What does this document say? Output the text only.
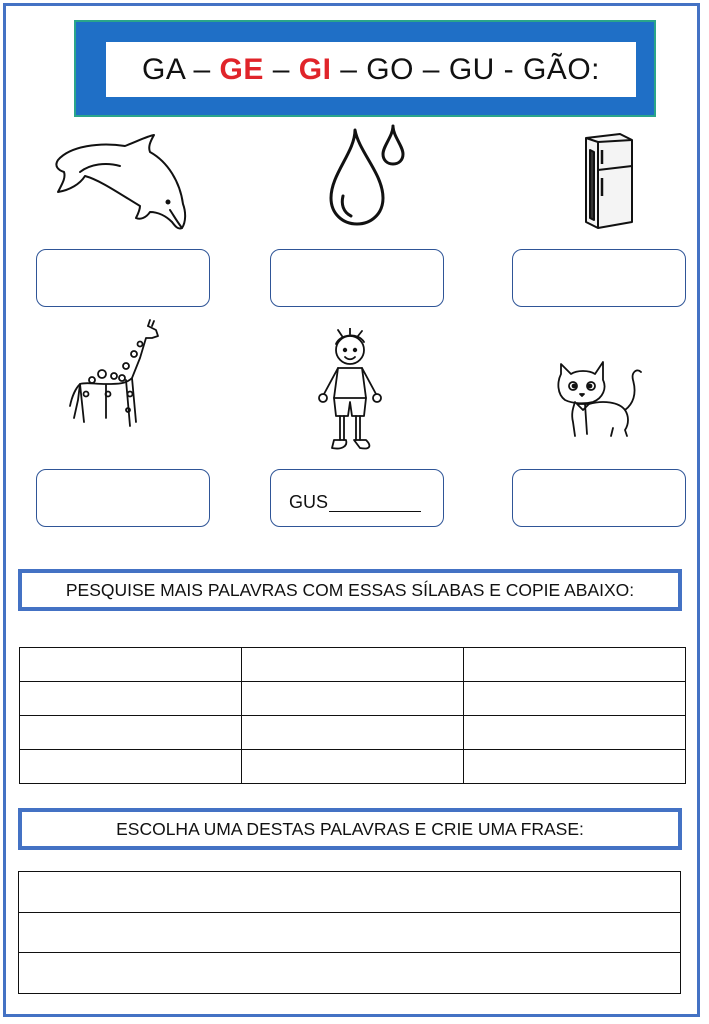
GA – GE – GI – GO – GU - GÃO:
GUS
PESQUISE MAIS PALAVRAS COM ESSAS SÍLABAS E COPIE ABAIXO:

ESCOLHA UMA DESTAS PALAVRAS E CRIE UMA FRASE:
